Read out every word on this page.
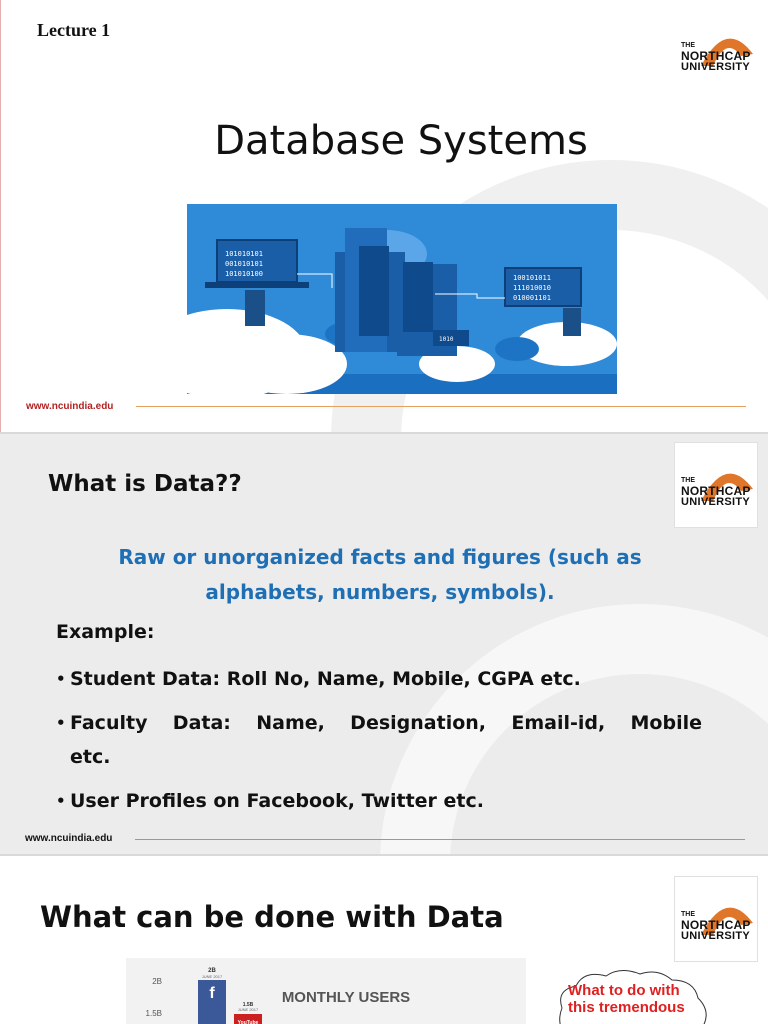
Lecture 1
THE
NORTHCAP
UNIVERSITY
Database Systems
101010101
001010101
101010100	100101011
111010010
010001101
1010
www.ncuindia.edu
THE
NORTHCAP
UNIVERSITY
What is Data??
Raw or unorganized facts and figures (such as alphabets, numbers, symbols).
Example:
• Student Data: Roll No, Name, Mobile, CGPA etc.
• Faculty Data: Name, Designation, Email-id, Mobile etc.
• User Profiles on Facebook, Twitter etc.
www.ncuindia.edu
THE
NORTHCAP
UNIVERSITY
What can be done with Data
2B
1.5B
2B
JUNE 2017
f
1.5B
JUNE 2017
YouTube
MONTHLY USERS	What to do with this tremendous
